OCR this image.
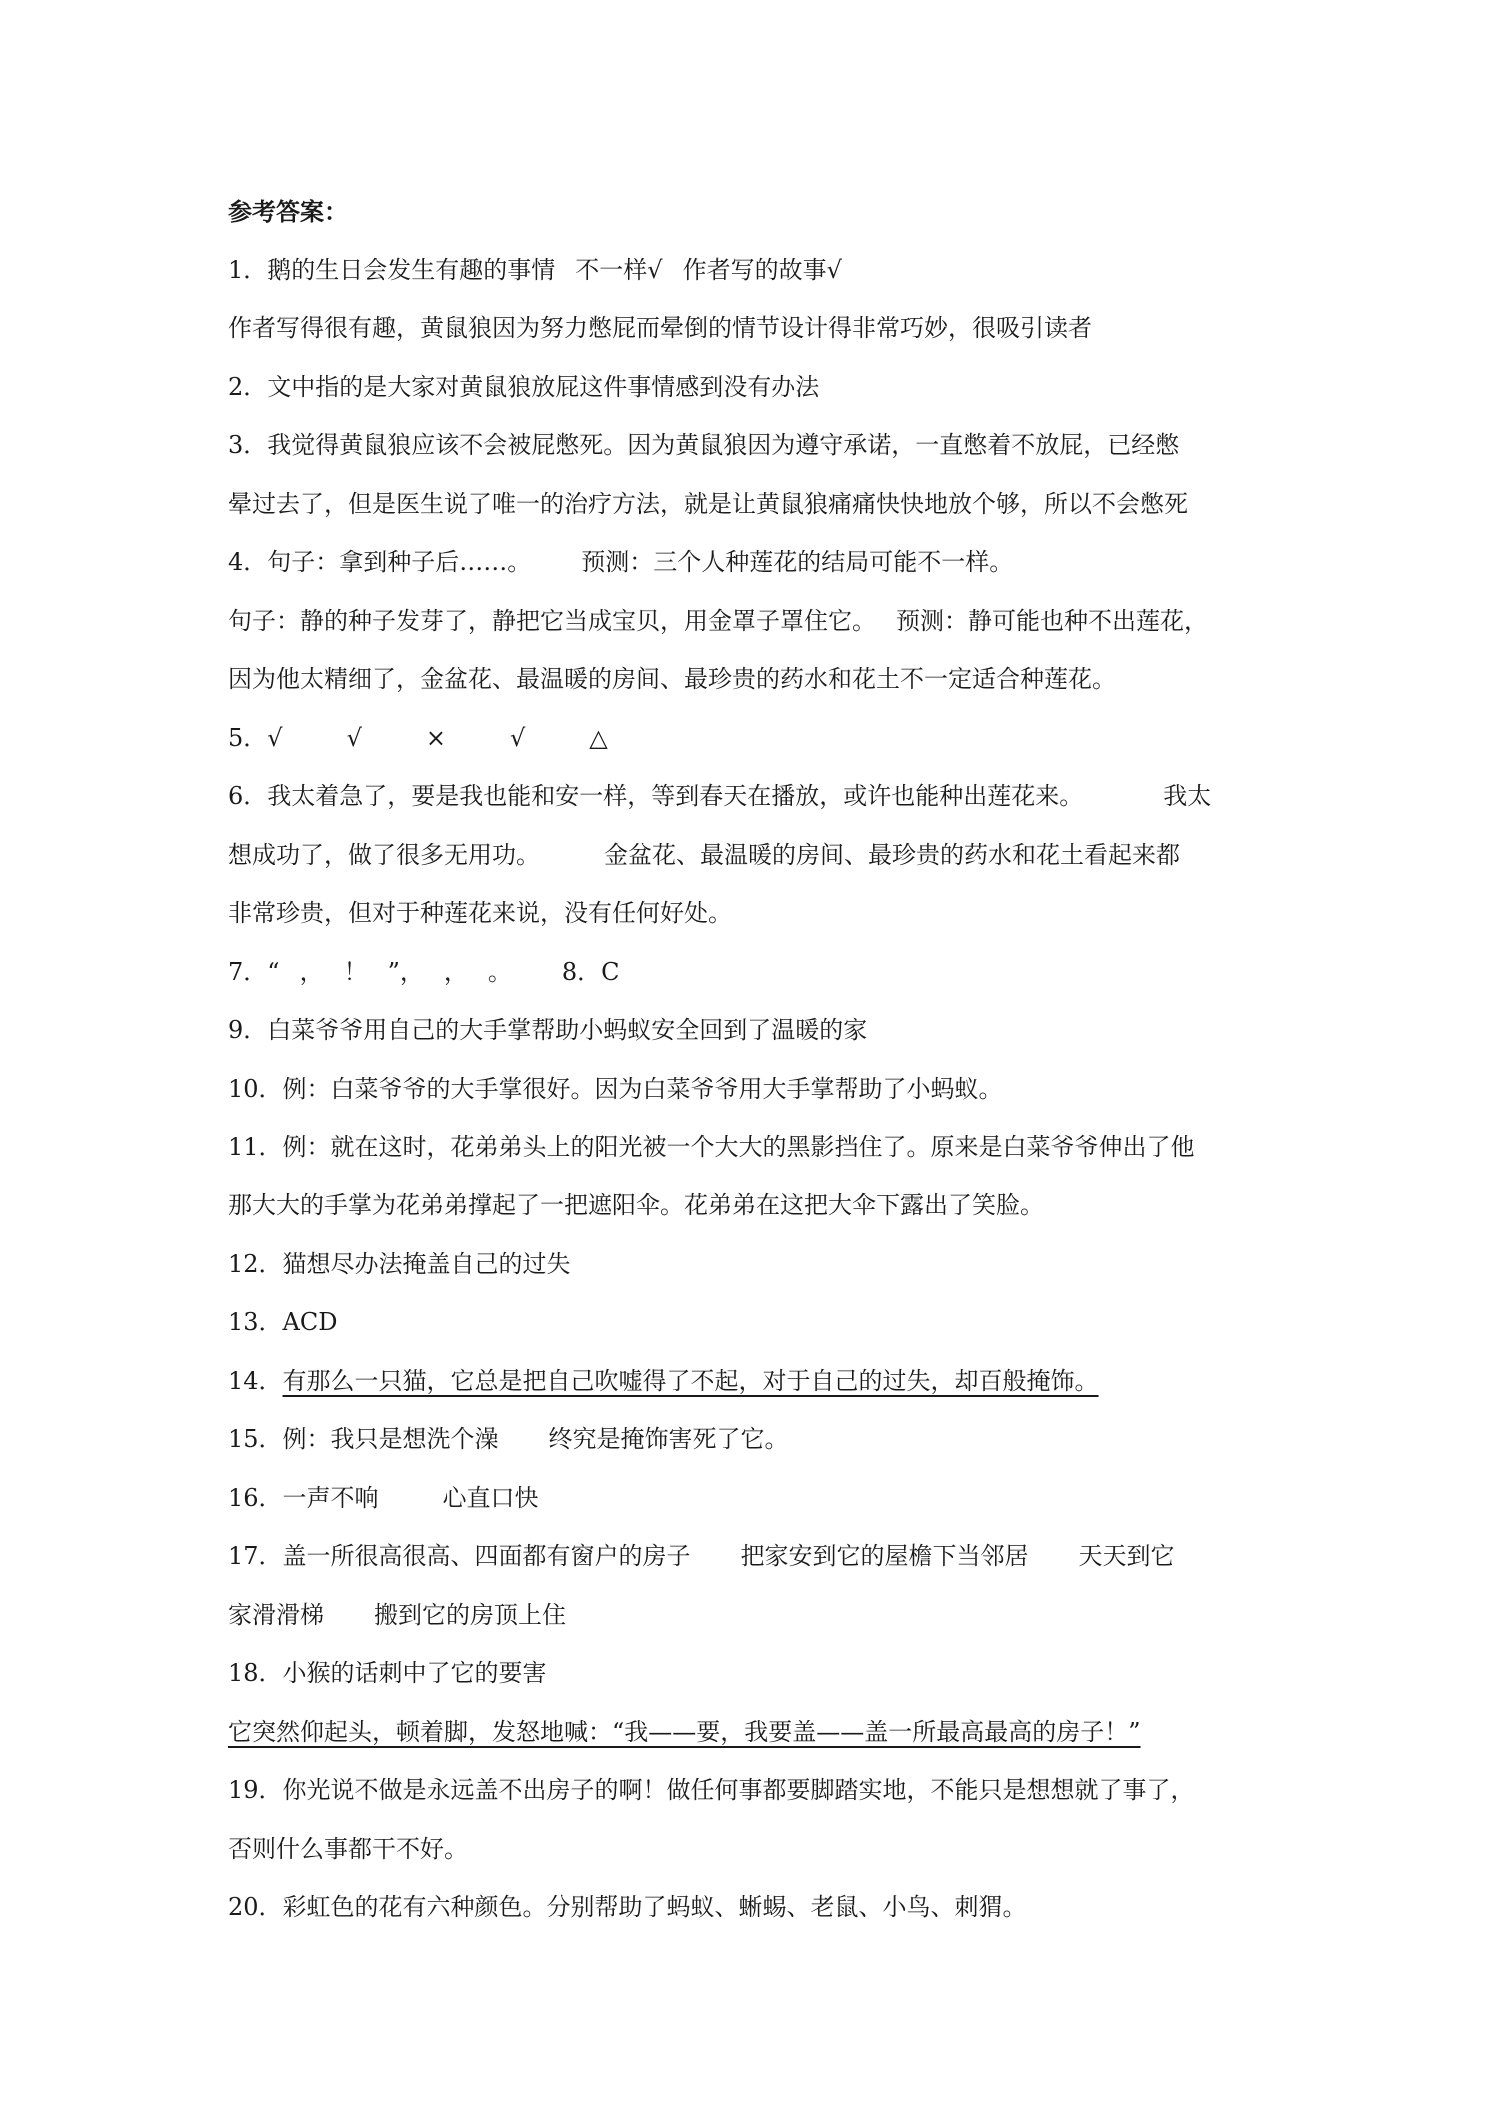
参考答案：

1．鹅的生日会发生有趣的事情 不一样√ 作者写的故事√

作者写得很有趣，黄鼠狼因为努力憋屁而晕倒的情节设计得非常巧妙，很吸引读者

2．文中指的是大家对黄鼠狼放屁这件事情感到没有办法

3．我觉得黄鼠狼应该不会被屁憋死。因为黄鼠狼因为遵守承诺，一直憋着不放屁，已经憋

晕过去了，但是医生说了唯一的治疗方法，就是让黄鼠狼痛痛快快地放个够，所以不会憋死

4．句子：拿到种子后……。 预测：三个人种莲花的结局可能不一样。

句子：静的种子发芽了，静把它当成宝贝，用金罩子罩住它。 预测：静可能也种不出莲花，

因为他太精细了，金盆花、最温暖的房间、最珍贵的药水和花土不一定适合种莲花。

5．√	√	×	√	△

6．我太着急了，要是我也能和安一样，等到春天在播放，或许也能种出莲花来。	我太

想成功了，做了很多无用功。	金盆花、最温暖的房间、最珍贵的药水和花土看起来都

非常珍贵，但对于种莲花来说，没有任何好处。

7．“ ， ！ ”， ， 。 8．C

9．白菜爷爷用自己的大手掌帮助小蚂蚁安全回到了温暖的家

10．例：白菜爷爷的大手掌很好。因为白菜爷爷用大手掌帮助了小蚂蚁。

11．例：就在这时，花弟弟头上的阳光被一个大大的黑影挡住了。原来是白菜爷爷伸出了他

那大大的手掌为花弟弟撑起了一把遮阳伞。花弟弟在这把大伞下露出了笑脸。

12．猫想尽办法掩盖自己的过失

13．ACD

14．有那么一只猫，它总是把自己吹嘘得了不起，对于自己的过失，却百般掩饰。

15．例：我只是想洗个澡 终究是掩饰害死了它。

16．一声不响	心直口快

17．盖一所很高很高、四面都有窗户的房子 把家安到它的屋檐下当邻居 天天到它

家滑滑梯 搬到它的房顶上住

18．小猴的话刺中了它的要害

它突然仰起头，顿着脚，发怒地喊：“我——要，我要盖——盖一所最高最高的房子！”

19．你光说不做是永远盖不出房子的啊！做任何事都要脚踏实地，不能只是想想就了事了，

否则什么事都干不好。

20．彩虹色的花有六种颜色。分别帮助了蚂蚁、蜥蜴、老鼠、小鸟、刺猬。
